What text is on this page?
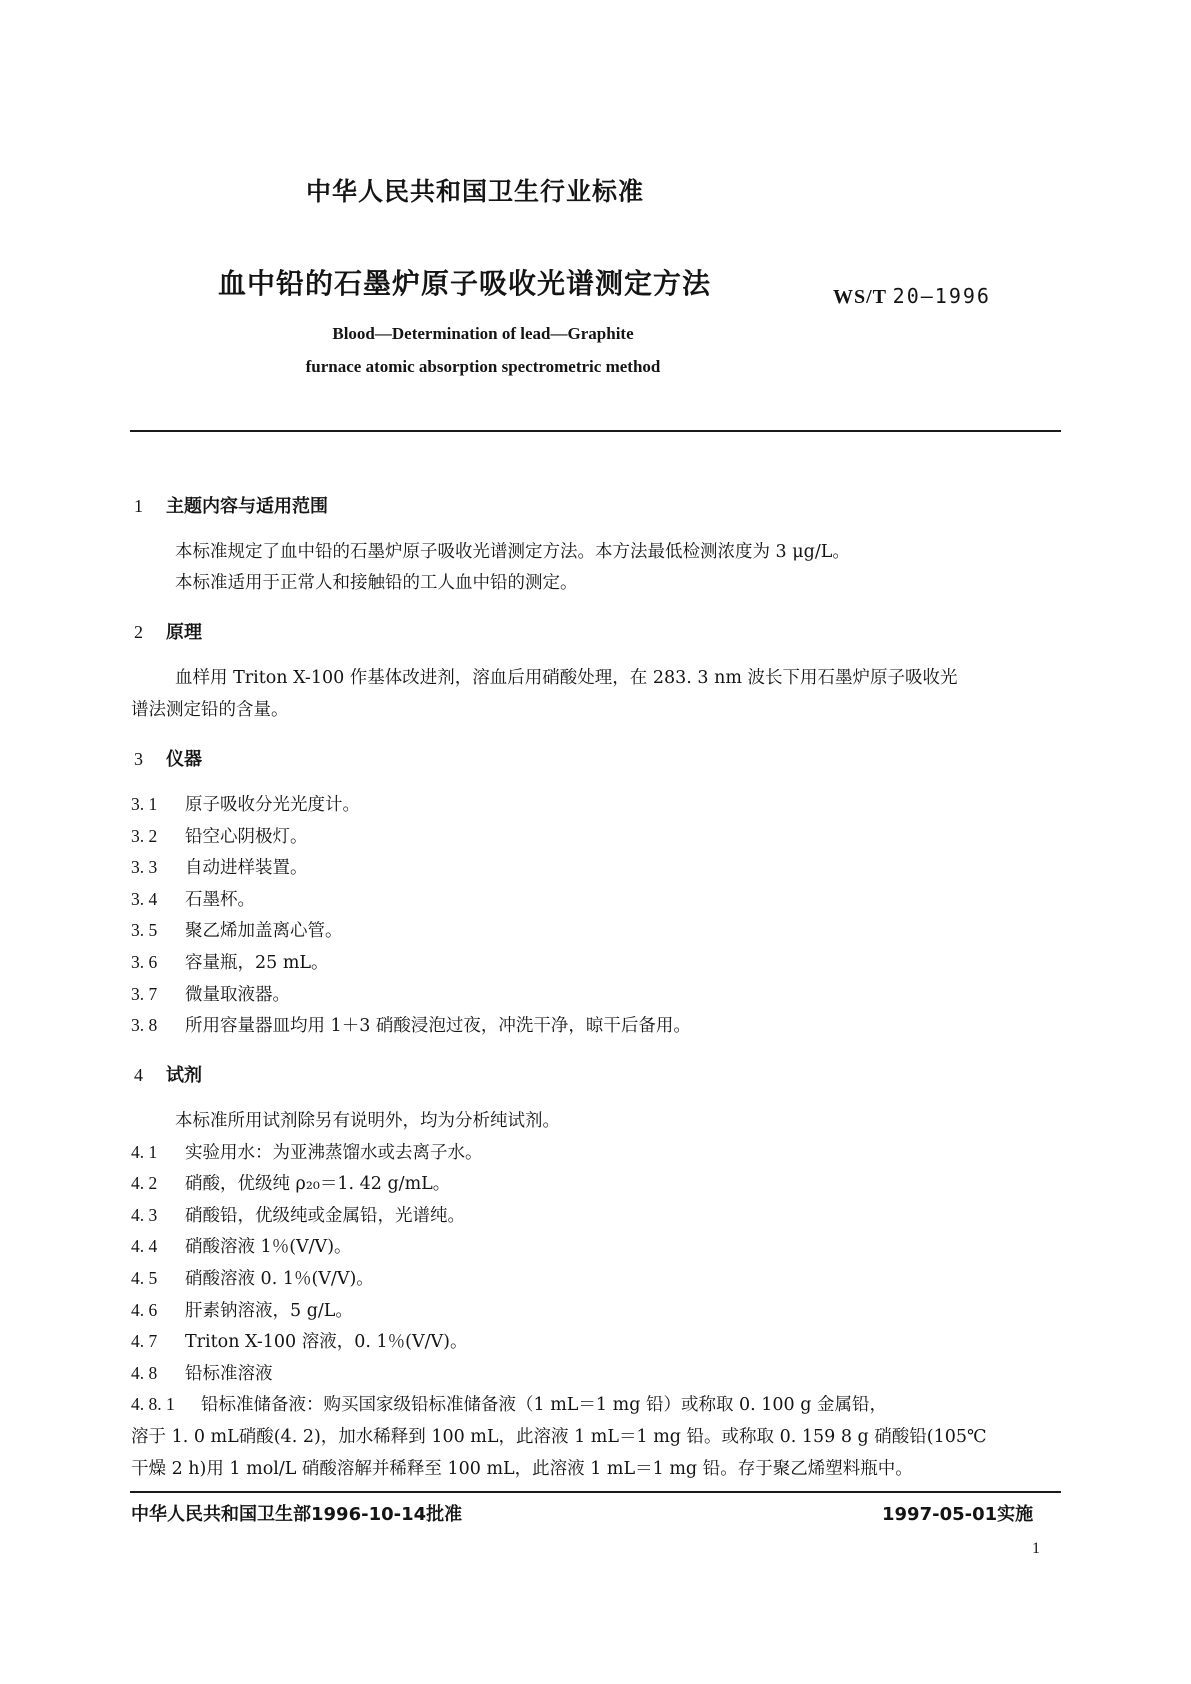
中华人民共和国卫生行业标准
血中铅的石墨炉原子吸收光谱测定方法	WS/T 20—1996
Blood—Determination of lead—Graphite
furnace atomic absorption spectrometric method
1 主题内容与适用范围
本标准规定了血中铅的石墨炉原子吸收光谱测定方法。本方法最低检测浓度为 3 μg/L。
本标准适用于正常人和接触铅的工人血中铅的测定。
2 原理
血样用 Triton X-100 作基体改进剂，溶血后用硝酸处理，在 283. 3 nm 波长下用石墨炉原子吸收光
谱法测定铅的含量。
3 仪器
3. 1 原子吸收分光光度计。
3. 2 铅空心阴极灯。
3. 3 自动进样装置。
3. 4 石墨杯。
3. 5 聚乙烯加盖离心管。
3. 6 容量瓶，25 mL。
3. 7 微量取液器。
3. 8 所用容量器皿均用 1＋3 硝酸浸泡过夜，冲洗干净，晾干后备用。
4 试剂
本标准所用试剂除另有说明外，均为分析纯试剂。
4. 1 实验用水：为亚沸蒸馏水或去离子水。
4. 2 硝酸，优级纯 ρ₂₀＝1. 42 g/mL。
4. 3 硝酸铅，优级纯或金属铅，光谱纯。
4. 4 硝酸溶液 1％(V/V)。
4. 5 硝酸溶液 0. 1％(V/V)。
4. 6 肝素钠溶液，5 g/L。
4. 7 Triton X-100 溶液，0. 1％(V/V)。
4. 8 铅标准溶液
4. 8. 1 铅标准储备液：购买国家级铅标准储备液（1 mL＝1 mg 铅）或称取 0. 100 g 金属铅，
溶于 1. 0 mL硝酸(4. 2)，加水稀释到 100 mL，此溶液 1 mL＝1 mg 铅。或称取 0. 159 8 g 硝酸铅(105℃
干燥 2 h)用 1 mol/L 硝酸溶解并稀释至 100 mL，此溶液 1 mL＝1 mg 铅。存于聚乙烯塑料瓶中。
中华人民共和国卫生部1996-10-14批准	1997-05-01实施
1
